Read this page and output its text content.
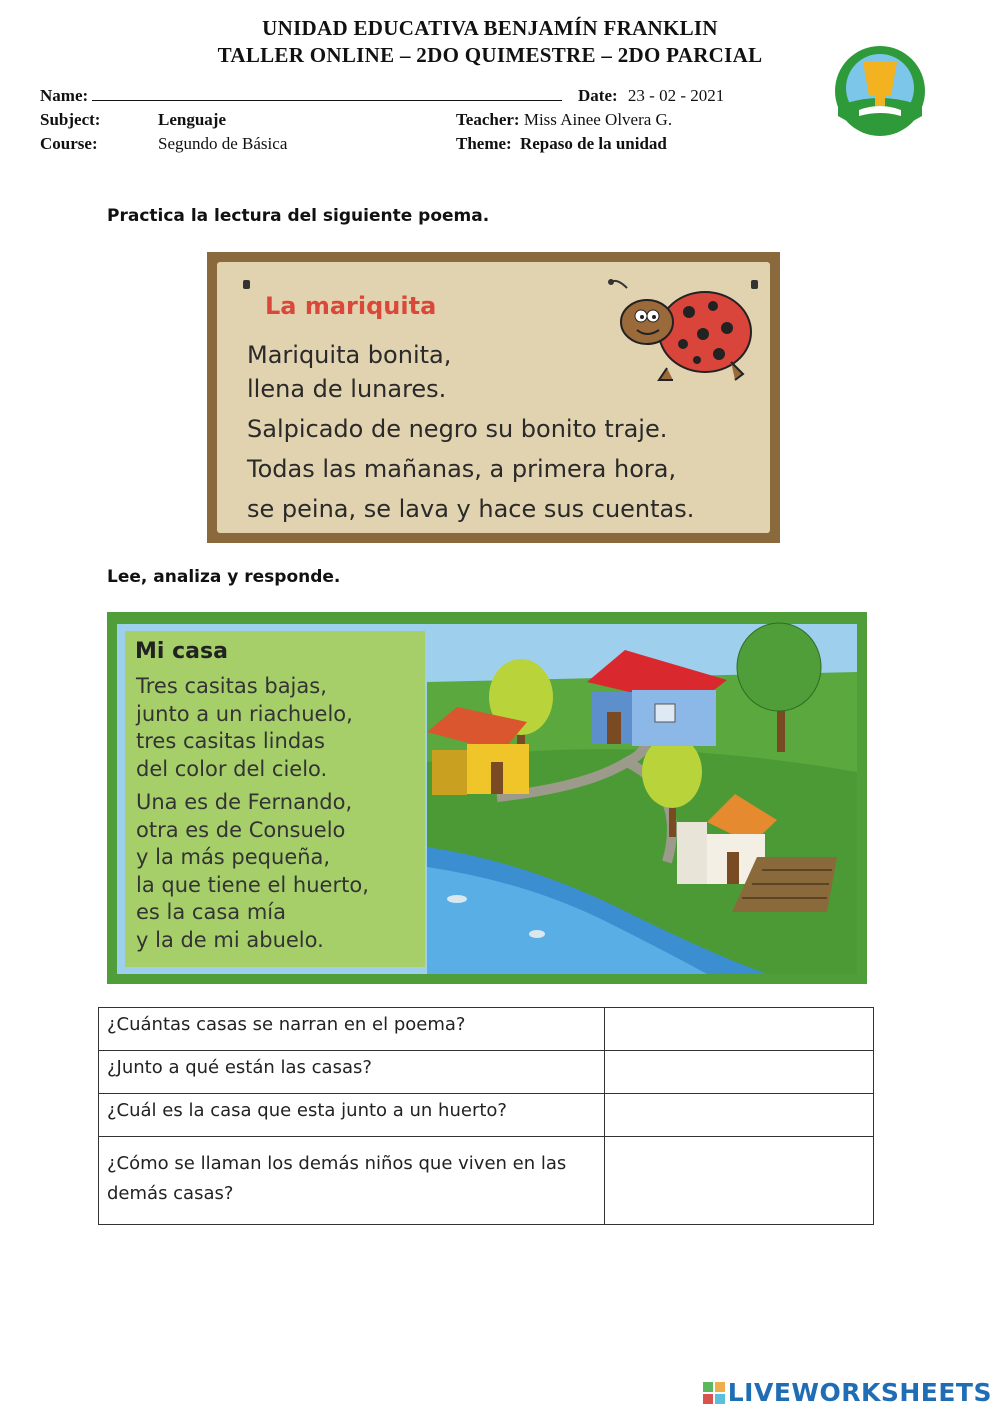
UNIDAD EDUCATIVA BENJAMÍN FRANKLIN
TALLER ONLINE – 2DO QUIMESTRE – 2DO PARCIAL
Name:	Date: 23 - 02 - 2021
Subject:	Lenguaje	Teacher: Miss Ainee Olvera G.
Course:	Segundo de Básica	Theme: Repaso de la unidad
Practica la lectura del siguiente poema.
La mariquita
Mariquita bonita,
llena de lunares.
Salpicado de negro su bonito traje.
Todas las mañanas, a primera hora,
se peina, se lava y hace sus cuentas.
Lee, analiza y responde.
Mi casa
Tres casitas bajas,
junto a un riachuelo,
tres casitas lindas
del color del cielo.
Una es de Fernando,
otra es de Consuelo
y la más pequeña,
la que tiene el huerto,
es la casa mía
y la de mi abuelo.
¿Cuántas casas se narran en el poema?	
¿Junto a qué están las casas?	
¿Cuál es la casa que esta junto a un huerto?	
¿Cómo se llaman los demás niños que viven en las demás casas?	
LIVEWORKSHEETS
